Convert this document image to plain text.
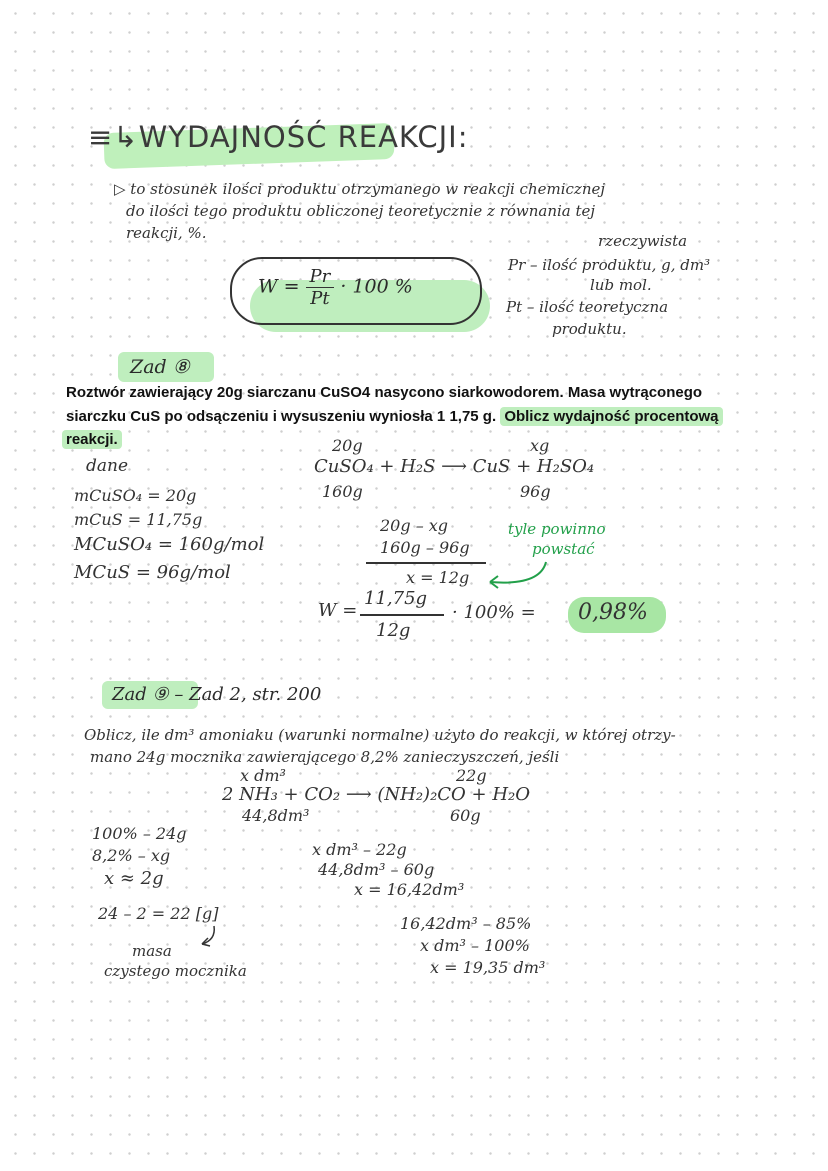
≡↳WYDAJNOŚĆ REAKCJI:
▷ to stosunek ilości produktu otrzymanego w reakcji chemicznej
do ilości tego produktu obliczonej teoretycznie z równania tej
reakcji, %.
$W = \frac{Pr}{Pt} \cdot 100$ %
rzeczywista
Pr – ilość produktu, g, dm³
lub mol.
Pt – ilość teoretyczna
produktu.
Zad ⑧
Roztwór zawierający 20g siarczanu CuSO4 nasycono siarkowodorem. Masa wytrąconego
siarczku CuS po odsączeniu i wysuszeniu wyniosła 1 1,75 g. Oblicz wydajność procentową
reakcji.
dane
mCuSO₄ = 20g
mCuS = 11,75g
MCuSO₄ = 160g/mol
MCuS = 96g/mol
20g	xg
CuSO₄ + H₂S ⟶ CuS + H₂SO₄
160g	96g
20g – xg
160g – 96g
x = 12g
tyle powinno
powstać
W =
11,75g
12g
· 100% = 0,98%
Zad ⑨ – Zad 2, str. 200
Oblicz, ile dm³ amoniaku (warunki normalne) użyto do reakcji, w której otrzy-
mano 24g mocznika zawierającego 8,2% zanieczyszczeń, jeśli
x dm³	22g
2 NH₃ + CO₂ ⟶ (NH₂)₂CO + H₂O
44,8dm³	60g
100% – 24g
8,2% – xg
x ≈ 2g
24 – 2 = 22 [g]
masa
czystego mocznika
x dm³ – 22g
44,8dm³ – 60g
x = 16,42dm³
16,42dm³ – 85%
x dm³ – 100%
x = 19,35 dm³
